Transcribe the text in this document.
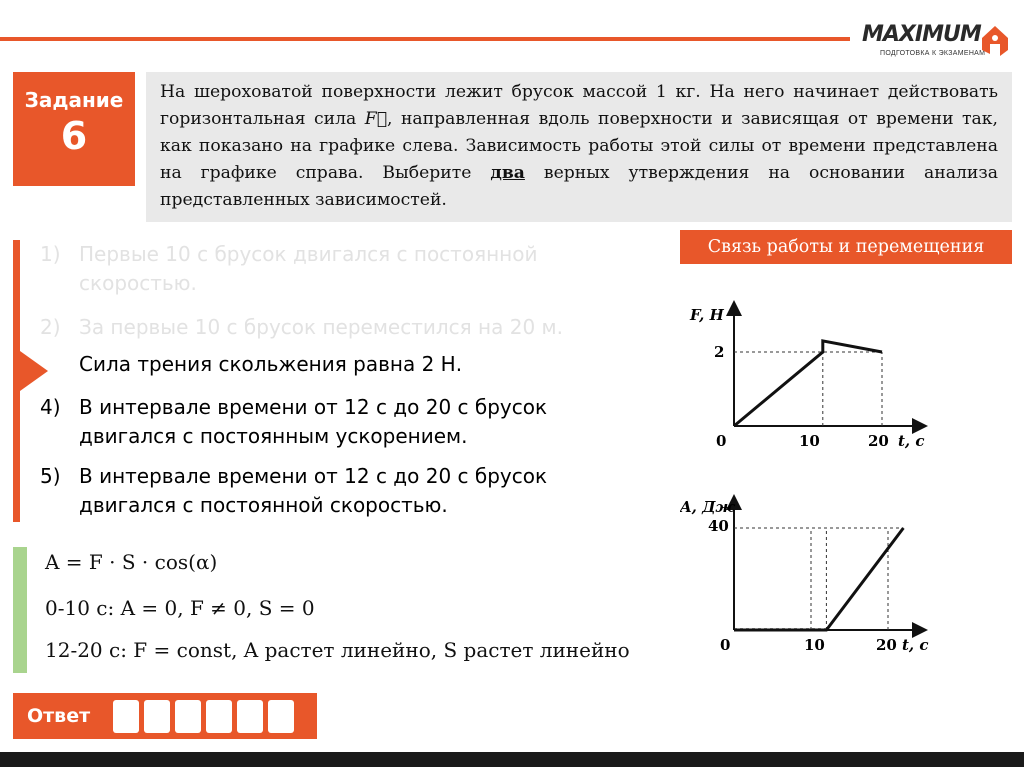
MAXIMUM
ПОДГОТОВКА К ЭКЗАМЕНАМ
Задание
6
На шероховатой поверхности лежит брусок массой 1 кг. На него начинает действовать горизонтальная сила F⃗, направленная вдоль поверхности и зависящая от времени так, как показано на графике слева. Зависимость работы этой силы от времени представлена на графике справа. Выберите два верных утверждения на основании анализа представленных зависимостей.
Связь работы и перемещения
1) Первые 10 с брусок двигался с постоянной скоростью.
2) За первые 10 с брусок переместился на 20 м.
Сила трения скольжения равна 2 Н.
4) В интервале времени от 12 с до 20 с брусок двигался с постоянным ускорением.
5) В интервале времени от 12 с до 20 с брусок двигался с постоянной скоростью.
A = F · S · cos(α)
0-10 с: A = 0, F ≠ 0, S = 0
12-20 с: F = const, A растет линейно, S растет линейно
F, Н
t, с
2
0	10	20
A, Дж
t, с
40
0	10	20
Ответ
